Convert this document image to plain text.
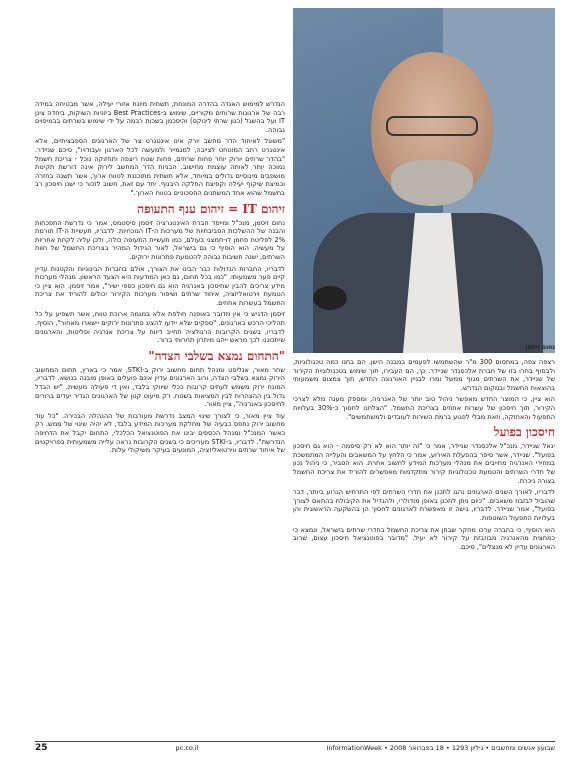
נחום זיסמן

רצפה צפה, במחסום 300 מ"ר שהשתמשו לפעמים במבנה הישן. הם בחנו כמה טכנולוגיות, ולבסוף בחרו בזו של חברת אלכסנדר שניידר. כך, הם העבירו, תוך שימוש בטכנולוגיית הקירור של שניידר, את השרתים מגוף ממשל ומרו לבניין האורגונה החדש, תוך צמצום משמעותי בהוצאות החשמל ובמקום הנדרש.

הוא ציין, כי המוצר החדש מאפשר ניהול טוב יותר של האנרגיה, ומספק מענה מלא לצרכי הקירור, תוך חיסכון של עשרות אחוזים בצריכת החשמל. "הצלחנו לחסוך כ-30% בעלויות התפעול והאחזקה, וזאת מבלי לפגוע ברמת השירות לעובדים ולמשתמשים".

חיסכון בפועל

יגאל שניידר, מנכ"ל אלכסנדר שניידר, אמר כי "זה יותר הוא לא רק סיסמה - הוא גם חיסכון בפועל". שניידר, אשר סיפר בהפעלת האירוע, אמר כי הלחץ על המשאבים והעלייה המתמשכת במחירי האנרגיה מחייבים את מנהלי מערכות המידע לחשוב אחרת. הוא הסביר, כי ניהול נכון של חדרי השרתים והטמעת טכנולוגיות קירור מתקדמות מאפשרים להוריד את צריכת החשמל בצורה ניכרת.

לדבריו, לאורך השנים הארגונים נהגו לתכנן את חדרי השרתים לפי התרחיש הגרוע ביותר, דבר שהוביל לבזבוז משאבים. "כיום ניתן לתכנן באופן מודולרי, ולהגדיל את הקיבולת בהתאם לצורך בפועל", אמר שניידר. לדבריו, גישה זו מאפשרת לארגונים לחסוך הן בהשקעה הראשונית והן בעלויות התפעול השוטפות.

הוא הוסיף, כי בחברה ערכו מחקר שבחן את צריכת החשמל בחדרי שרתים בישראל, ונמצא כי כמחצית מהאנרגיה מבוזבזת על קירור לא יעיל. "מדובר בפוטנציאל חיסכון עצום, שרוב הארגונים עדיין לא מנצלים", סיכם.

הנדרש למימוש האגדה בהדרה המונחת, תשתית מיונח אזורי יעילה, אשר מבטיחה במידה רבה של ארגונות שרותים מקוריים, שימוש ב-Best Practices ביזניות השוקות, ביחדה צינן IT ועל בהשגל (כגון שרתי לינוקס) והיסכמן בשכות רבמה על ידי שימוש בשרתים בבמיפוים גבוהה.

"משוגל לאיחוד הדר מחשב יורק אינו אינטגרט צר של הארגונים הספבציתיים, אלא אינטגרט רחב המוטחט לצייבה, למגמייר ולמעשה לכל הארגון ועבודויו", סיכם שניידר. "בהדר שרתים יורוק יוחר פחות שרתים, פחות שטח ריצפה ותחזוקה נוכל - צריכת חשמל נמוכה יותר לאותה עוצמת מחישוב. הבניות הדר המחשב לירוק אינה דורשת תקינות מושפבים מינוסיים גדולים במיוחד, אלא תשתית מתוכננת לטווח ארוך, אשר תשנה בחזרה וכמיצת שיקוף יעילה וקפיצת החלקה היבנוף. יחד עם זאת, חשוב לזכור כי ישנו חיסכון רב בחשמל שהוא אחד המשתנים החסכוניים בטווח הארוך."

זיהום IT = זיהום ענף התעופה

נחום זיסמן, מנכ"ל ומייסד חברת האינטגרציה זיסמן סיסטמס, אמר כי נדרשת התפכחות והבנה של ההשלכות הסביבתיות של מערכות ה-IT הנוכחיות. לדבריו, תעשיית ה-IT תורמת 2% לפליטת פחמן דו-חמצני בעולם, כמו תעשיית התעופה כולה, ולכן עליה לקחת אחריות על מעשיה. הוא הוסיף כי גם בישראל, לאור הגידול המהיר בצריכת החשמל של חוות השרתים, ישנה חשיבות גבוהה להטמעת פתרונות ירוקים.

לדבריו, החברות הגדולות כבר הבינו את הצורך, אולם בחברות הבינוניות והקטנות עדיין קיים פער משמעותי. "כמו בכל תחום, גם כאן המודעות היא הצעד הראשון. מנהלי מערכות מידע צריכים להבין שחיסכון באנרגיה הוא גם חיסכון כספי ישיר", אמר זיסמן. הוא ציין כי הטמעת וירטואליזציה, איחוד שרתים ושיפור מערכות הקירור יכולים להוריד את צריכת החשמל בעשרות אחוזים.

זיסמן הדגיש כי אין מדובר באופנה חולפת אלא במגמה ארוכת טווח, אשר תשפיע על כל תהליכי הרכש בארגונים. "ספקים שלא יידעו להציג פתרונות ירוקים יישארו מאחור", הוסיף. לדבריו, בשנים הקרובות הרגולציה תחייב דיווח על צריכת אנרגיה ופליטות, והארגונים שיתכוננו לכך מראש ייהנו מיתרון תחרותי ברור.

"התחום נמצא בשלבי הצדה"

שחר מאור, אנליסט ומנהל תחום מחשוב ירוק ב-STKI, אמר כי בארץ, תחום המחשוב הירוק נמצא בשלבי הצדה, ורוב הארגונים עדיין אינם פועלים באופן מובנה בנושא. לדבריו, המונח ירוק משמש לעתים קרובות ככלי שיווקי בלבד, ואין די פעולה מעשית. "יש הבדל גדול בין ההצהרות לבין המציאות בשטח. רק מיעוט קטן של הארגונים הגדיר יעדים ברורים לחיסכון באנרגיה", ציין מאור.

עוד ציין מאור, כי לצורך שינוי המצב נדרשת מעורבות של ההנהלה הבכירה. "כל עוד מחשוב ירוק נתפס כבעיה של מחלקת מערכות המידע בלבד, לא יהיה שינוי של ממש. רק כאשר המנכ"ל ומנהל הכספים יבינו את הפוטנציאל הכלכלי, התחום יקבל את הדחיפה הנדרשת". לדבריו, ב-STKI מעריכים כי בשנים הקרובות נראה עלייה משמעותית בפרויקטים של איחוד שרתים ווירטואליזציה, המונעים בעיקר משיקולי עלות.

25	pc.co.il	שבועון אנשים ומחשבים • גיליון 1293 • 18 בפברואר 2008 • InformationWeek
